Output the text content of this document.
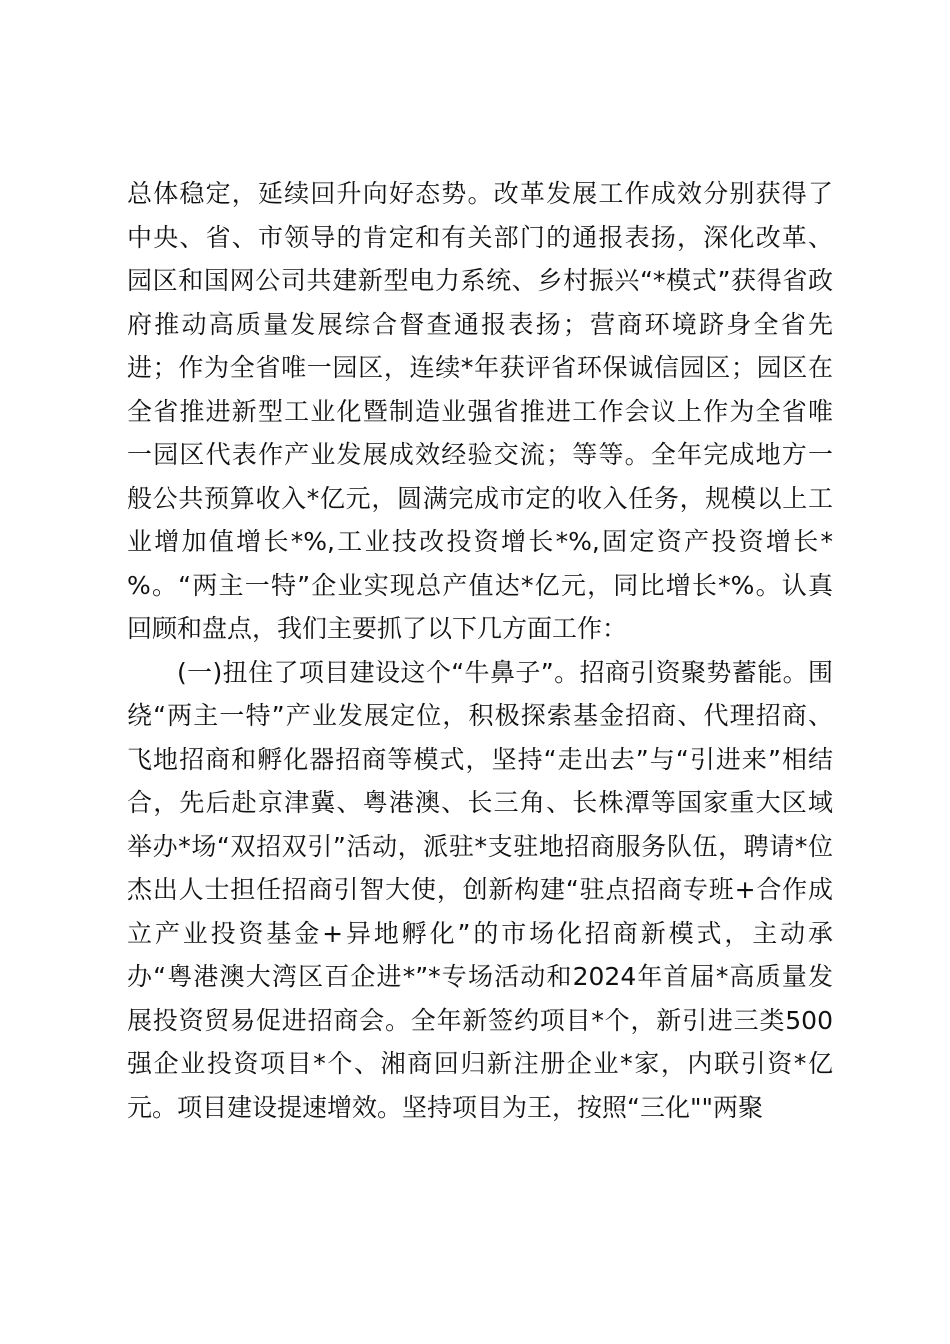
总体稳定，延续回升向好态势。改革发展工作成效分别获得了
中央、省、市领导的肯定和有关部门的通报表扬，深化改革、
园区和国网公司共建新型电力系统、乡村振兴“*模式”获得省政
府推动高质量发展综合督查通报表扬；营商环境跻身全省先
进；作为全省唯一园区，连续*年获评省环保诚信园区；园区在
全省推进新型工业化暨制造业强省推进工作会议上作为全省唯
一园区代表作产业发展成效经验交流；等等。全年完成地方一
般公共预算收入*亿元，圆满完成市定的收入任务，规模以上工
业增加值增长*%,工业技改投资增长*%,固定资产投资增长*
%。“两主一特”企业实现总产值达*亿元，同比增长*%。认真
回顾和盘点，我们主要抓了以下几方面工作：
(一)扭住了项目建设这个“牛鼻子”。招商引资聚势蓄能。围
绕“两主一特”产业发展定位，积极探索基金招商、代理招商、
飞地招商和孵化器招商等模式，坚持“走出去”与“引进来”相结
合，先后赴京津冀、粤港澳、长三角、长株潭等国家重大区域
举办*场“双招双引”活动，派驻*支驻地招商服务队伍，聘请*位
杰出人士担任招商引智大使，创新构建“驻点招商专班+合作成
立产业投资基金+异地孵化”的市场化招商新模式，主动承
办“粤港澳大湾区百企进*”*专场活动和2024年首届*高质量发
展投资贸易促进招商会。全年新签约项目*个，新引进三类500
强企业投资项目*个、湘商回归新注册企业*家，内联引资*亿
元。项目建设提速增效。坚持项目为王，按照“三化""两聚
